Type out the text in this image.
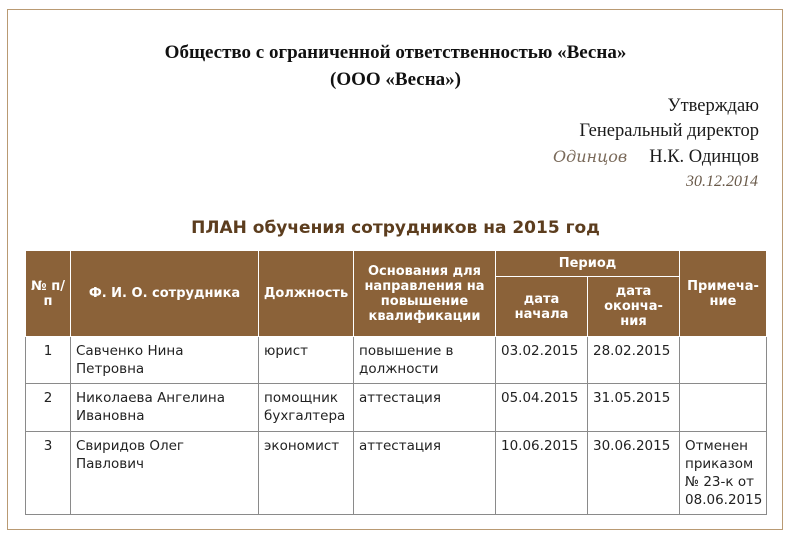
Общество с ограниченной ответственностью «Весна»
(ООО «Весна»)
Утверждаю
Генеральный директор
Одинцов Н.К. Одинцов
30.12.2014
ПЛАН обучения сотрудников на 2015 год
№ п/п	Ф. И. О. сотрудника	Должность	Основания для направления на повышение квалификации	Период		Примеча-ние
				дата начала	дата оконча-ния	
1	Савченко Нина Петровна	юрист	повышение в должности	03.02.2015	28.02.2015	
2	Николаева Ангелина Ивановна	помощник бухгалтера	аттестация	05.04.2015	31.05.2015	
3	Свиридов Олег Павлович	экономист	аттестация	10.06.2015	30.06.2015	Отменен приказом № 23-к от 08.06.2015
